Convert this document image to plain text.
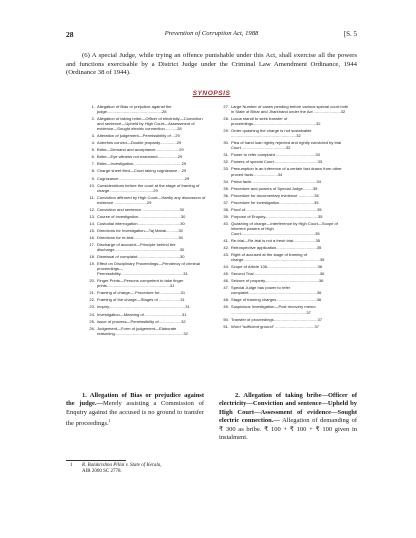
28	Prevention of Corruption Act, 1988	[S. 5

(6) A special Judge, while trying an offence punishable under this Act, shall exercise all the powers and functions exercisable by a District Judge under the Criminal Law Amendment Ordinance, 1944 (Ordinance 38 of 1944).

SYNOPSIS
1. Allegation of Bias or prejudice against the judge.................................................28
2. Allegation of taking bribe—Officer of electricity—Conviction and sentence—Upheld by High Court—Assessment of evidence—Sought electric connection...........28
3. Alteration of judgement—Permissibility of ...29
4. Autrefois convict—Double jeopardy...............29
5. Bribe—Demand and acceptance.....................29
6. Bribe—Eye witness not examined..................29
7. Bribe—Investigation...........................................29
8. Charge sheet filed—Court taking cognizance ...29
9. Cognizance...........................................................29
10. Considerations before the court at the stage of framing of charge.......................................29
11. Conviction affirmed by High Court—Hardly any discussion of evidence .............................29
12. Conviction and sentence .................................30
13. Course of investigation......................................30
14. Custodial interrogation......................................30
15. Directions for Investigation—Taj Mahal...........30
16. Directions for re-trial........................................30
17. Discharge of accused—Principle behind the discharge..........................................................30
18. Dismissal of complaint......................................30
19. Effect on Disciplinary Proceedings—Pendency of criminal proceedings—Permissibility........................................................31
20. Finger Prints—Persons competent to take finger prints........................................................31
21. Framing of charge— Procedure for...................31
22. Framing of the charge—Stages of ...................31
23. Inquiry....................................................................31
24. Investigation—Meaning of..................................31
25. Issue of process—Permissibility of....................32
26. Judgement—Form of judgement—Elaborate reasoning.............................................................32
27. Large Number of cases pending before various special court both in State of Bihar and Jharkhand under the Act ........................32
28. Locus standi to seek transfer of proceedings........................................................32
29. Order quashing the charge is not sustainable ..........................................................32
30. Plea of hand loan rightly rejected and rightly convicted by trial Court .......................................32
31. Power to refer complaint ...................................33
32. Powers of special Court.......................................33
33. Presumption is an inference of a certain fact drawn from other proved facts......................34
34. Prima facie..........................................................34
35. Procedure and powers of Special Judge.........35
36. Procedure for documentary evidence ..............35
37. Procedure for investigation...............................35
38. Proof of................................................................35
39. Purpose of Enquiry...............................................35
40. Quashing of charge—Interference by High Court—Scope of inherent powers of High Court..................................................................35
41. Re-trial—Re-trial is not a fresh trial....................35
42. Retrospective application....................................35
43. Right of accused at the stage of framing of charge....................................................................35
44. Scope of Article 136.............................................36
45. Second Trial...........................................................36
46. Seizure of property................................................36
47. Special Judge has power to refer complaint.............................................................36
48. Stage of framing charges....................................36
49. Suspicious Investigation—Post recovery memo ...................................................................37
50. Transfer of proceedings.......................................37
51. Word “sufficient ground” ...................................37

1. Allegation of Bias or prejudice against the judge.—Merely assisting a Commission of Enquiry against the accused is no ground to transfer the proceedings.$^1$

2. Allegation of taking bribe—Officer of electricity—Conviction and sentence—Upheld by High Court—Assessment of evidence—Sought electric connection.— Allegation of demanding of ₹ 300 as bribe. ₹ 100 + ₹ 100 + ₹ 100 given in instalment.

1	R. Balakrishna Pillai v. State of Kerala,
AIR 2000 SC 2778.
